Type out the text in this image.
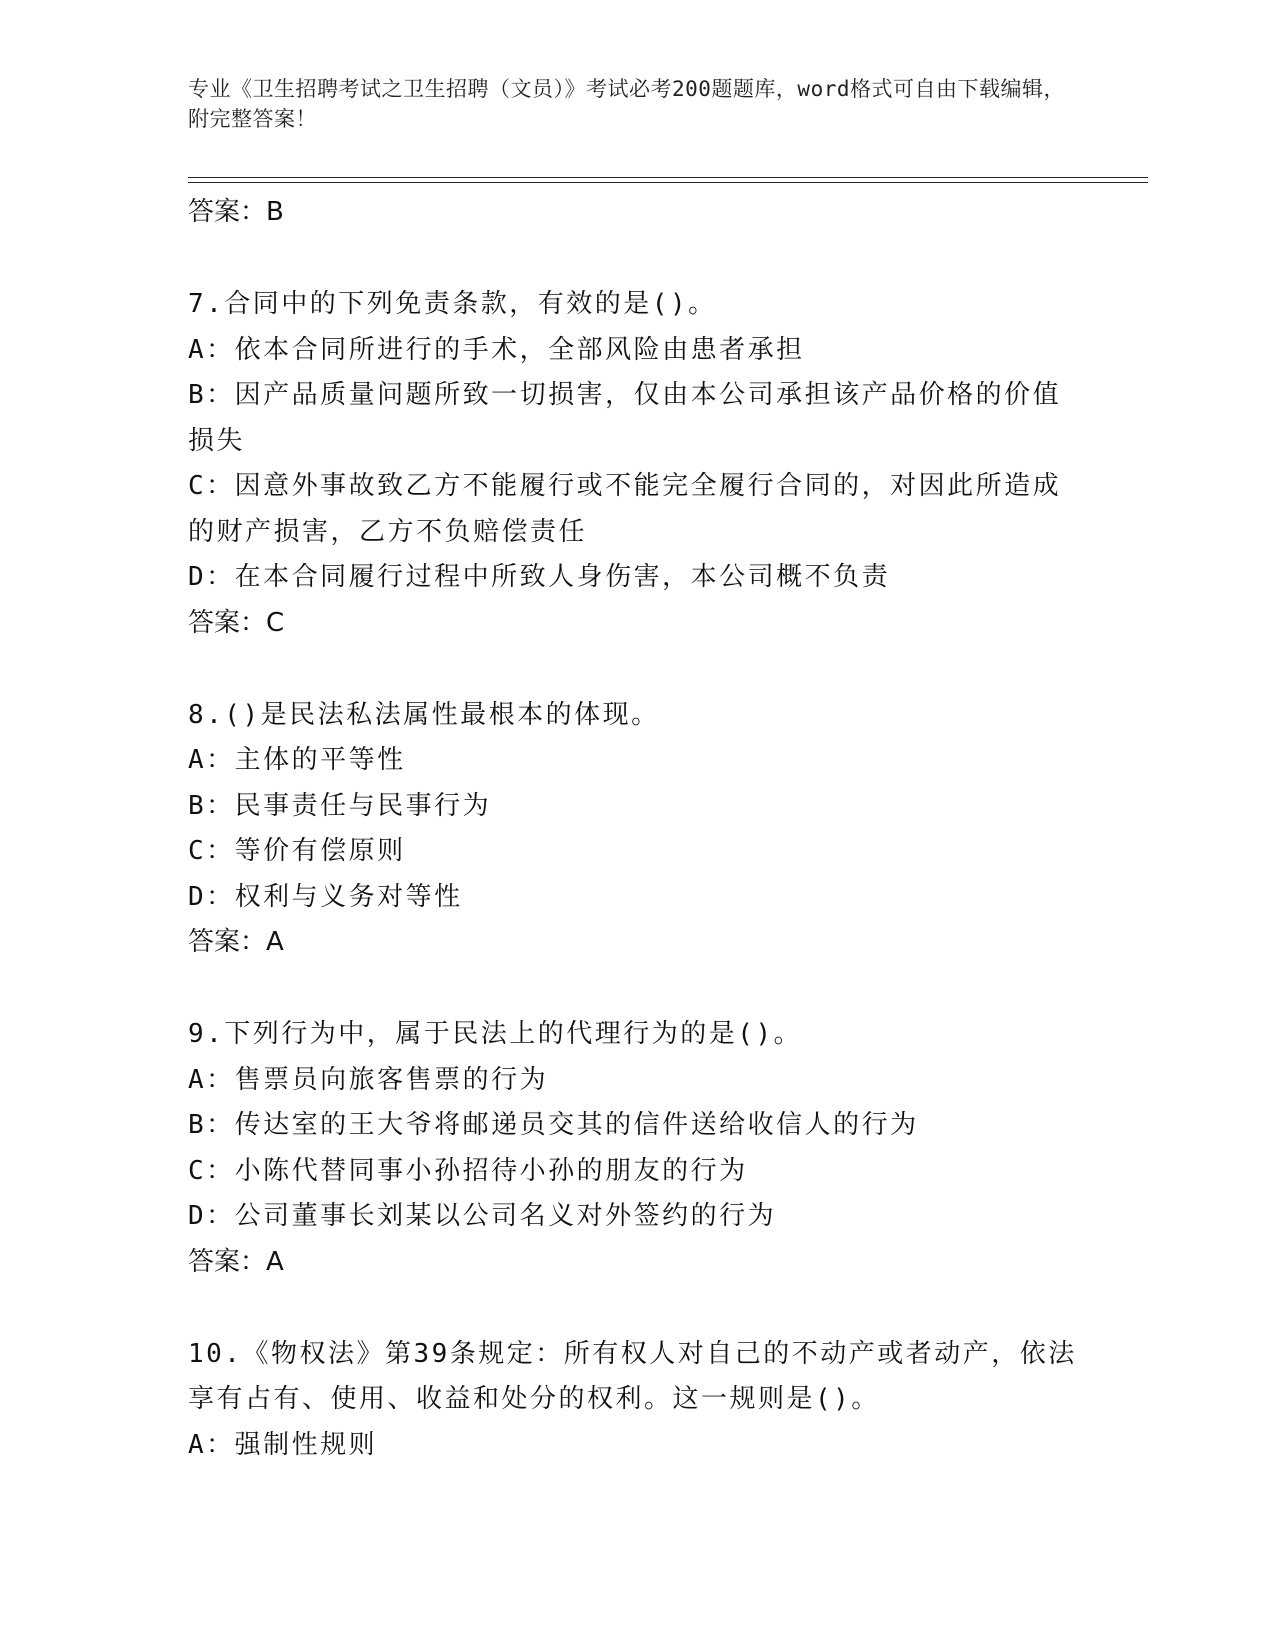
专业《卫生招聘考试之卫生招聘（文员）》考试必考200题题库，word格式可自由下载编辑，附完整答案！

答案：B

7.合同中的下列免责条款，有效的是()。

A：依本合同所进行的手术，全部风险由患者承担

B：因产品质量问题所致一切损害，仅由本公司承担该产品价格的价值损失

C：因意外事故致乙方不能履行或不能完全履行合同的，对因此所造成的财产损害，乙方不负赔偿责任

D：在本合同履行过程中所致人身伤害，本公司概不负责

答案：C

8.()是民法私法属性最根本的体现。

A：主体的平等性

B：民事责任与民事行为

C：等价有偿原则

D：权利与义务对等性

答案：A

9.下列行为中，属于民法上的代理行为的是()。

A：售票员向旅客售票的行为

B：传达室的王大爷将邮递员交其的信件送给收信人的行为

C：小陈代替同事小孙招待小孙的朋友的行为

D：公司董事长刘某以公司名义对外签约的行为

答案：A

10.《物权法》第39条规定：所有权人对自己的不动产或者动产，依法享有占有、使用、收益和处分的权利。这一规则是()。

A：强制性规则
